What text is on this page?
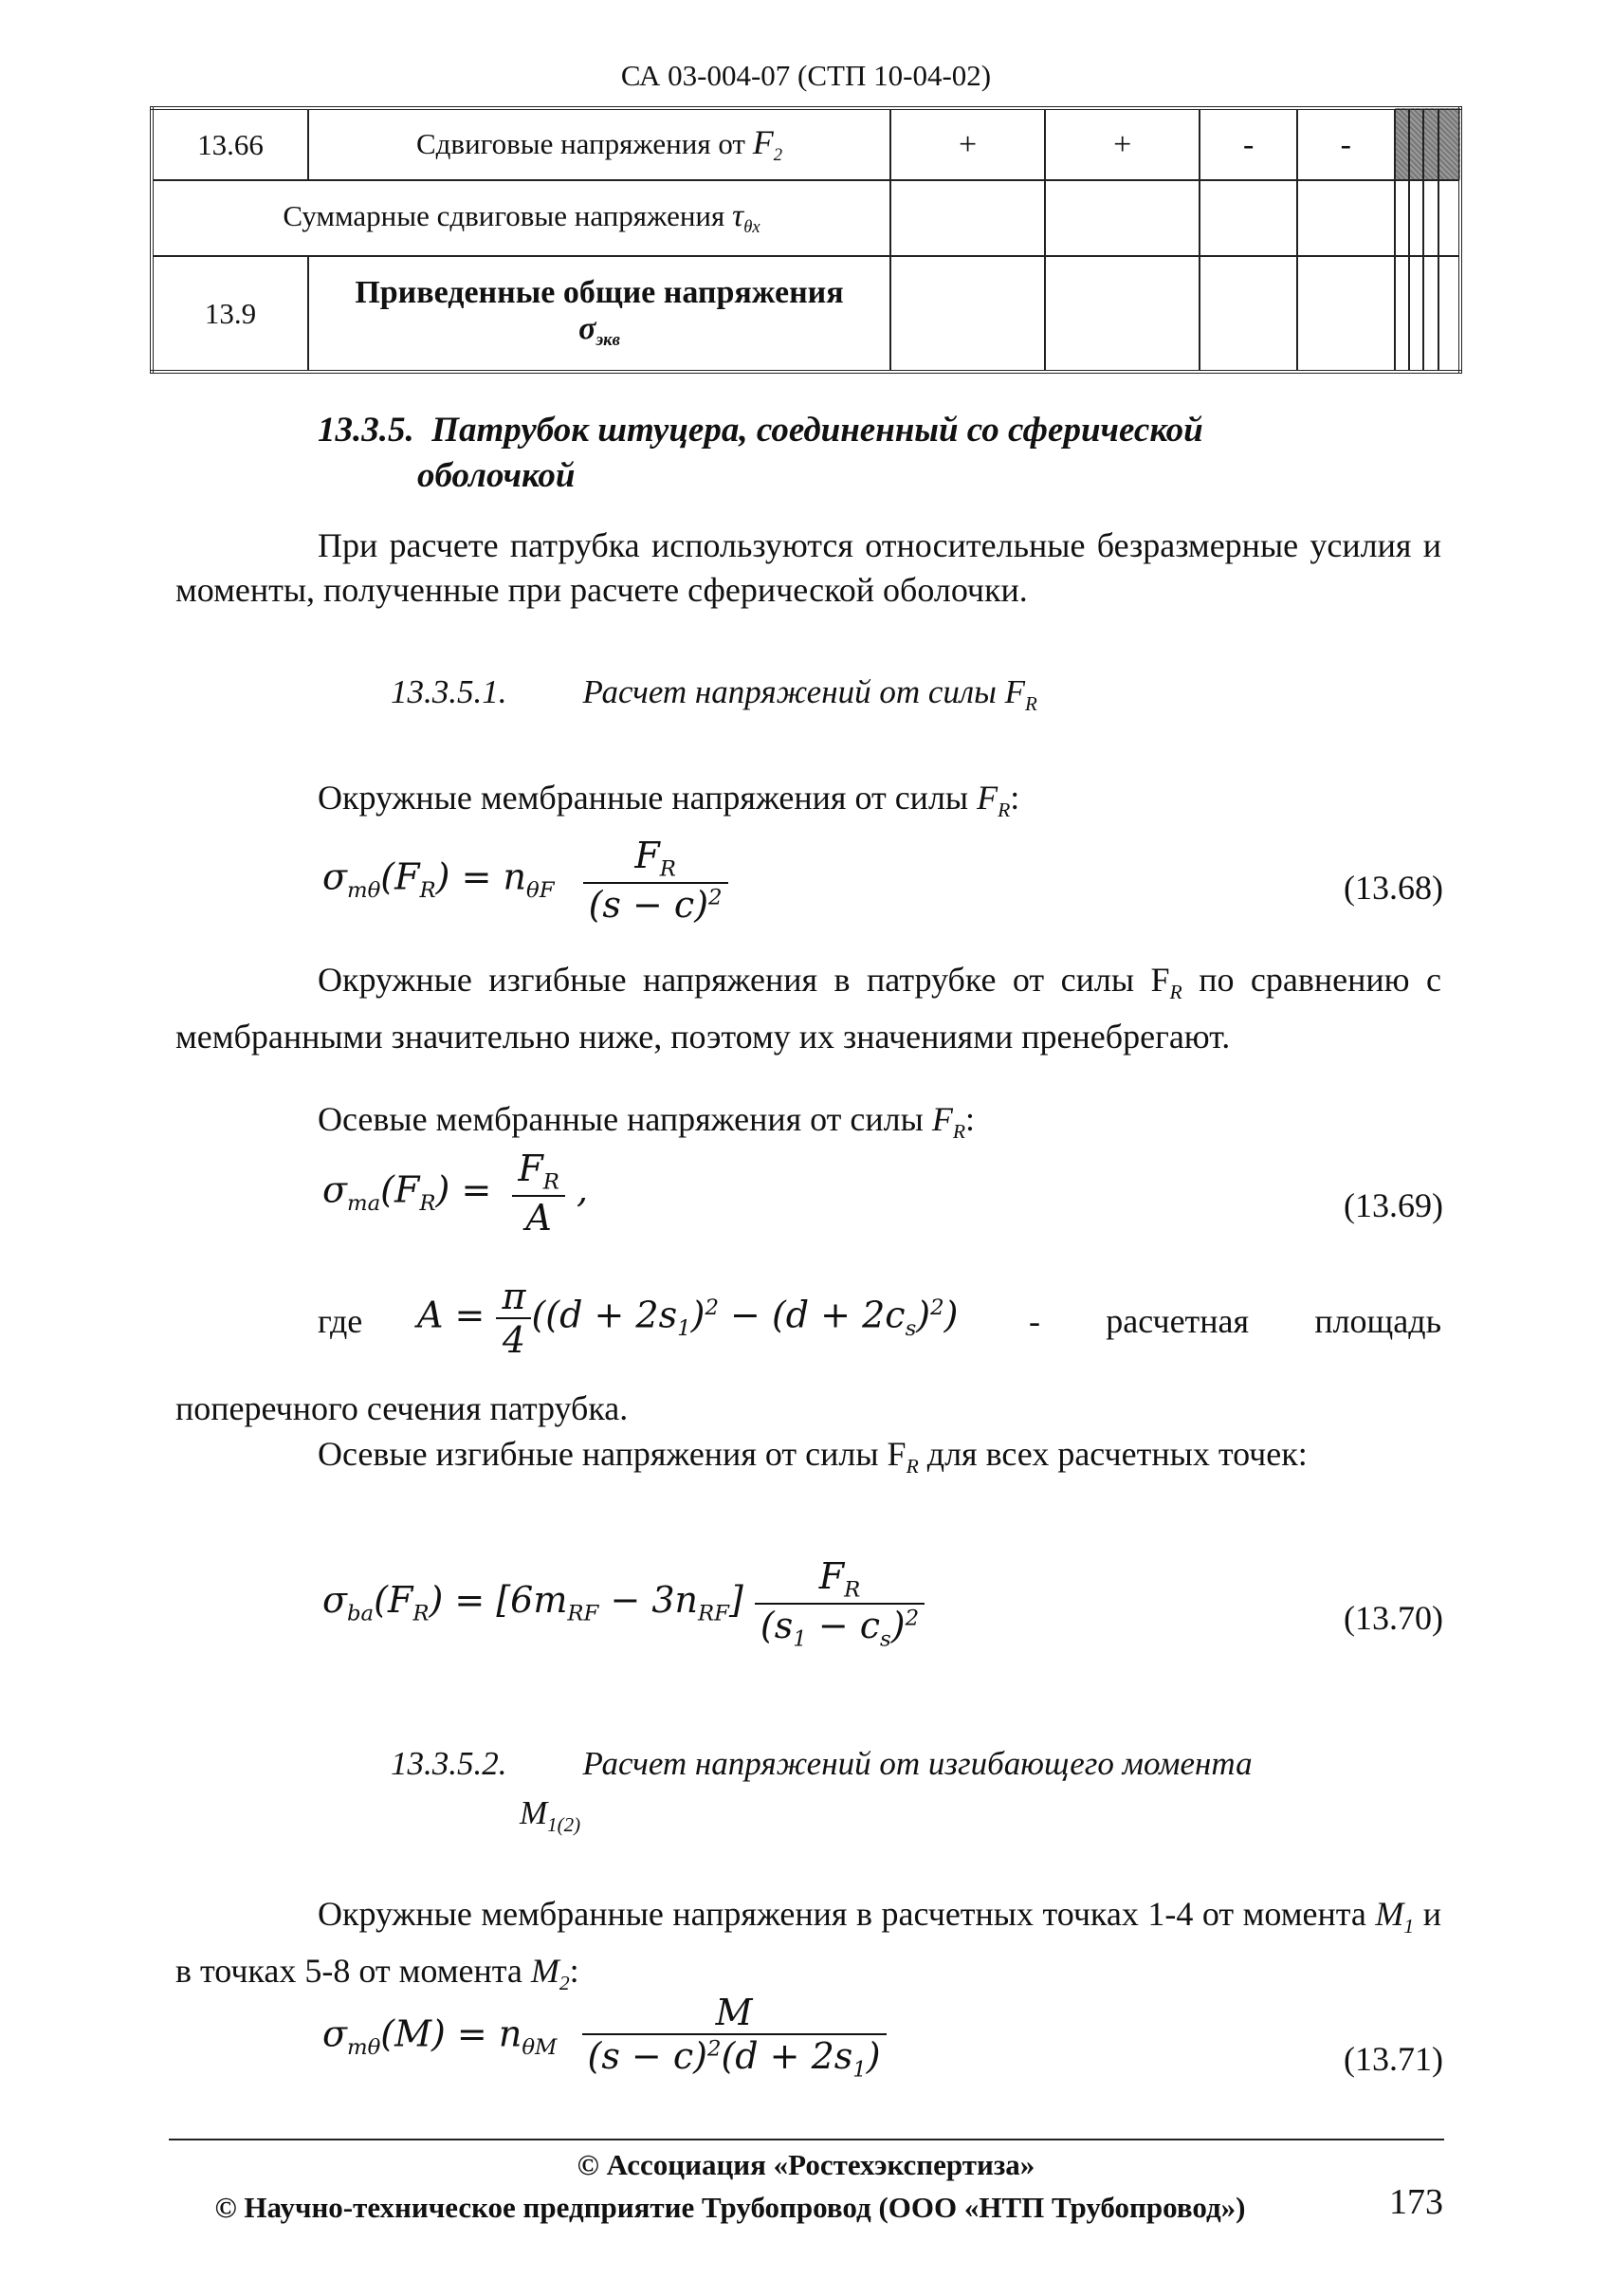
СА 03-004-07 (СТП 10-04-02)
13.66	Сдвиговые напряжения от $F_2$	+	+	-	-				
Суммарные сдвиговые напряжения $\tau_{\theta x}$								
13.9	Приведенные общие напряжения
$\sigma_{экв}$

13.3.5. Патрубок штуцера, соединенный со сферической
оболочкой
При расчете патрубка используются относительные безразмерные усилия и моменты, полученные при расчете сферической оболочки.
13.3.5.1. Расчет напряжений от силы $F_R$
Окружные мембранные напряжения от силы $F_R$:
$\sigma_{m\theta}(F_R) = n_{\theta F} \frac{F_R}{(s - c)^2}$	(13.68)
Окружные изгибные напряжения в патрубке от силы $F_R$ по сравнению с мембранными значительно ниже, поэтому их значениями пренебрегают.
Осевые мембранные напряжения от силы $F_R$:
$\sigma_{ma}(F_R) = \frac{F_R}{A}$ ,	(13.69)
где $A = \frac{\pi}{4} ((d + 2s_1)^2 - (d + 2c_s)^2)$ - расчетная площадь
поперечного сечения патрубка.
Осевые изгибные напряжения от силы $F_R$ для всех расчетных точек:
$\sigma_{ba}(F_R) = [6m_{RF} - 3n_{RF}] \frac{F_R}{(s_1 - c_s)^2}$	(13.70)
13.3.5.2. Расчет напряжений от изгибающего момента
$M_{1(2)}$
Окружные мембранные напряжения в расчетных точках 1-4 от момента $M_1$ и в точках 5-8 от момента $M_2$:
$\sigma_{m\theta}(M) = n_{\theta M} \frac{M}{(s - c)^2(d + 2s_1)}$	(13.71)
© Ассоциация «Ростехэкспертиза»
© Научно-техническое предприятие Трубопровод (ООО «НТП Трубопровод»)	173
